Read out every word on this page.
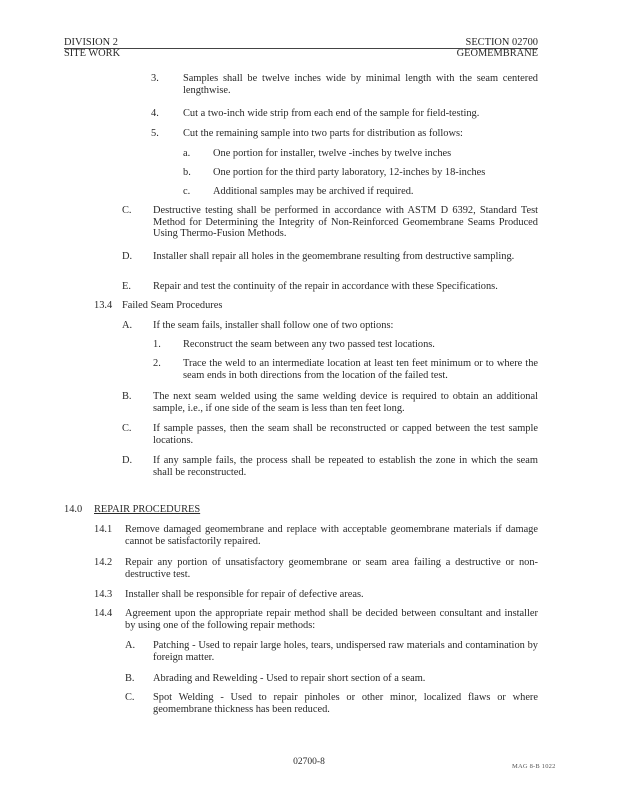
DIVISION 2	SECTION 02700
SITE WORK	GEOMEMBRANE
3. Samples shall be twelve inches wide by minimal length with the seam centered lengthwise.
4. Cut a two-inch wide strip from each end of the sample for field-testing.
5. Cut the remaining sample into two parts for distribution as follows:
a. One portion for installer, twelve -inches by twelve inches
b. One portion for the third party laboratory, 12-inches by 18-inches
c. Additional samples may be archived if required.
C. Destructive testing shall be performed in accordance with ASTM D 6392, Standard Test Method for Determining the Integrity of Non-Reinforced Geomembrane Seams Produced Using Thermo-Fusion Methods.
D. Installer shall repair all holes in the geomembrane resulting from destructive sampling.
E. Repair and test the continuity of the repair in accordance with these Specifications.
13.4 Failed Seam Procedures
A. If the seam fails, installer shall follow one of two options:
1. Reconstruct the seam between any two passed test locations.
2. Trace the weld to an intermediate location at least ten feet minimum or to where the seam ends in both directions from the location of the failed test.
B. The next seam welded using the same welding device is required to obtain an additional sample, i.e., if one side of the seam is less than ten feet long.
C. If sample passes, then the seam shall be reconstructed or capped between the test sample locations.
D. If any sample fails, the process shall be repeated to establish the zone in which the seam shall be reconstructed.
14.0 REPAIR PROCEDURES
14.1 Remove damaged geomembrane and replace with acceptable geomembrane materials if damage cannot be satisfactorily repaired.
14.2 Repair any portion of unsatisfactory geomembrane or seam area failing a destructive or non-destructive test.
14.3 Installer shall be responsible for repair of defective areas.
14.4 Agreement upon the appropriate repair method shall be decided between consultant and installer by using one of the following repair methods:
A. Patching - Used to repair large holes, tears, undispersed raw materials and contamination by foreign matter.
B. Abrading and Rewelding - Used to repair short section of a seam.
C. Spot Welding - Used to repair pinholes or other minor, localized flaws or where geomembrane thickness has been reduced.
02700-8	MAG 8-B 1022
